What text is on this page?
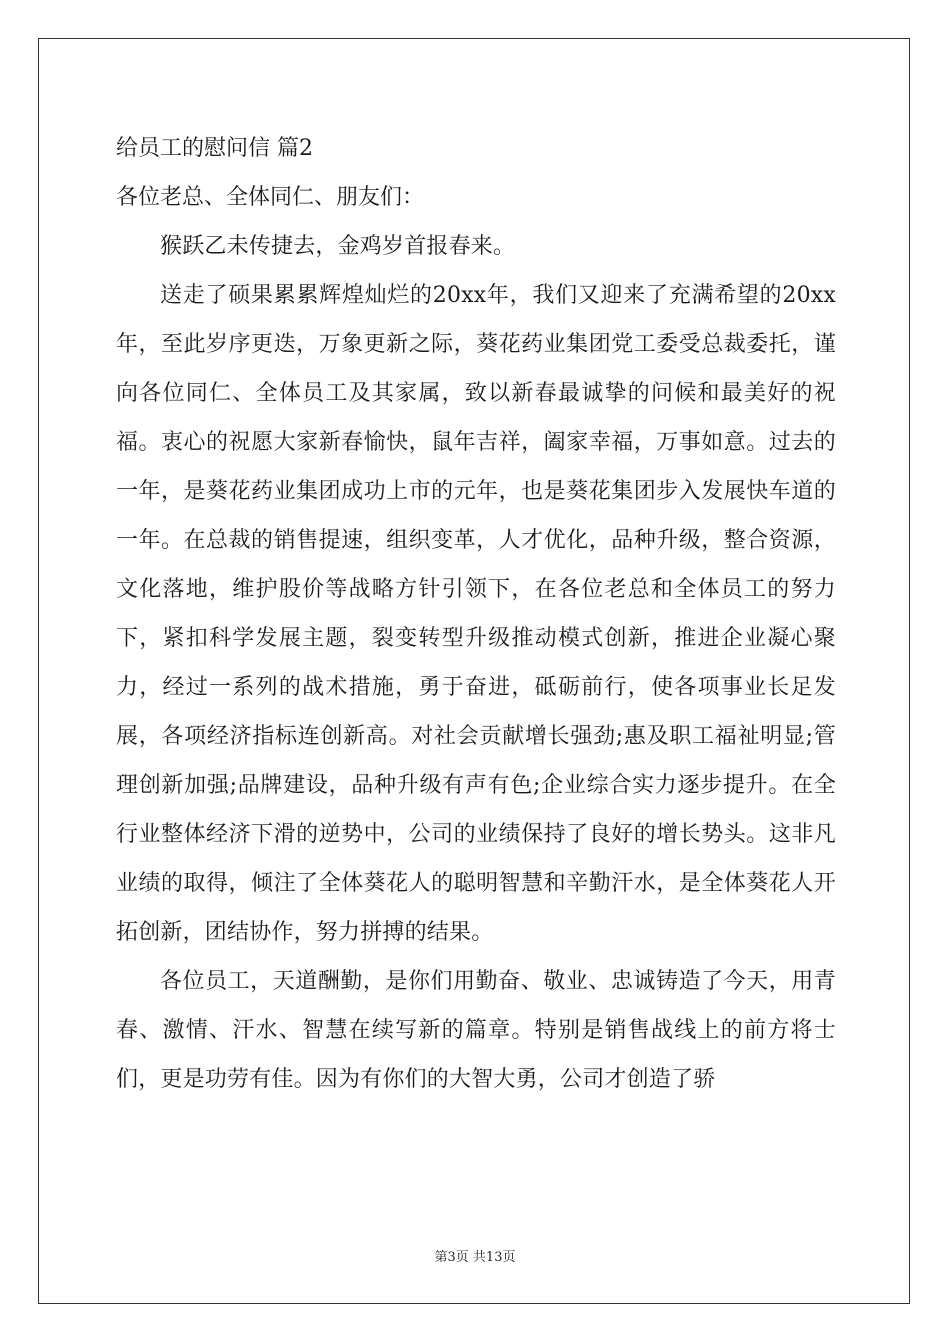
给员工的慰问信 篇2

各位老总、全体同仁、朋友们：

猴跃乙未传捷去，金鸡岁首报春来。

送走了硕果累累辉煌灿烂的20xx年，我们又迎来了充满希望的20xx年，至此岁序更迭，万象更新之际，葵花药业集团党工委受总裁委托，谨向各位同仁、全体员工及其家属，致以新春最诚挚的问候和最美好的祝福。衷心的祝愿大家新春愉快，鼠年吉祥，阖家幸福，万事如意。过去的一年，是葵花药业集团成功上市的元年，也是葵花集团步入发展快车道的一年。在总裁的销售提速，组织变革，人才优化，品种升级，整合资源，文化落地，维护股价等战略方针引领下，在各位老总和全体员工的努力下，紧扣科学发展主题，裂变转型升级推动模式创新，推进企业凝心聚力，经过一系列的战术措施，勇于奋进，砥砺前行，使各项事业长足发展，各项经济指标连创新高。对社会贡献增长强劲;惠及职工福祉明显;管理创新加强;品牌建设，品种升级有声有色;企业综合实力逐步提升。在全行业整体经济下滑的逆势中，公司的业绩保持了良好的增长势头。这非凡业绩的取得，倾注了全体葵花人的聪明智慧和辛勤汗水，是全体葵花人开拓创新，团结协作，努力拼搏的结果。

各位员工，天道酬勤，是你们用勤奋、敬业、忠诚铸造了今天，用青春、激情、汗水、智慧在续写新的篇章。特别是销售战线上的前方将士们，更是功劳有佳。因为有你们的大智大勇，公司才创造了骄

第3页 共13页
